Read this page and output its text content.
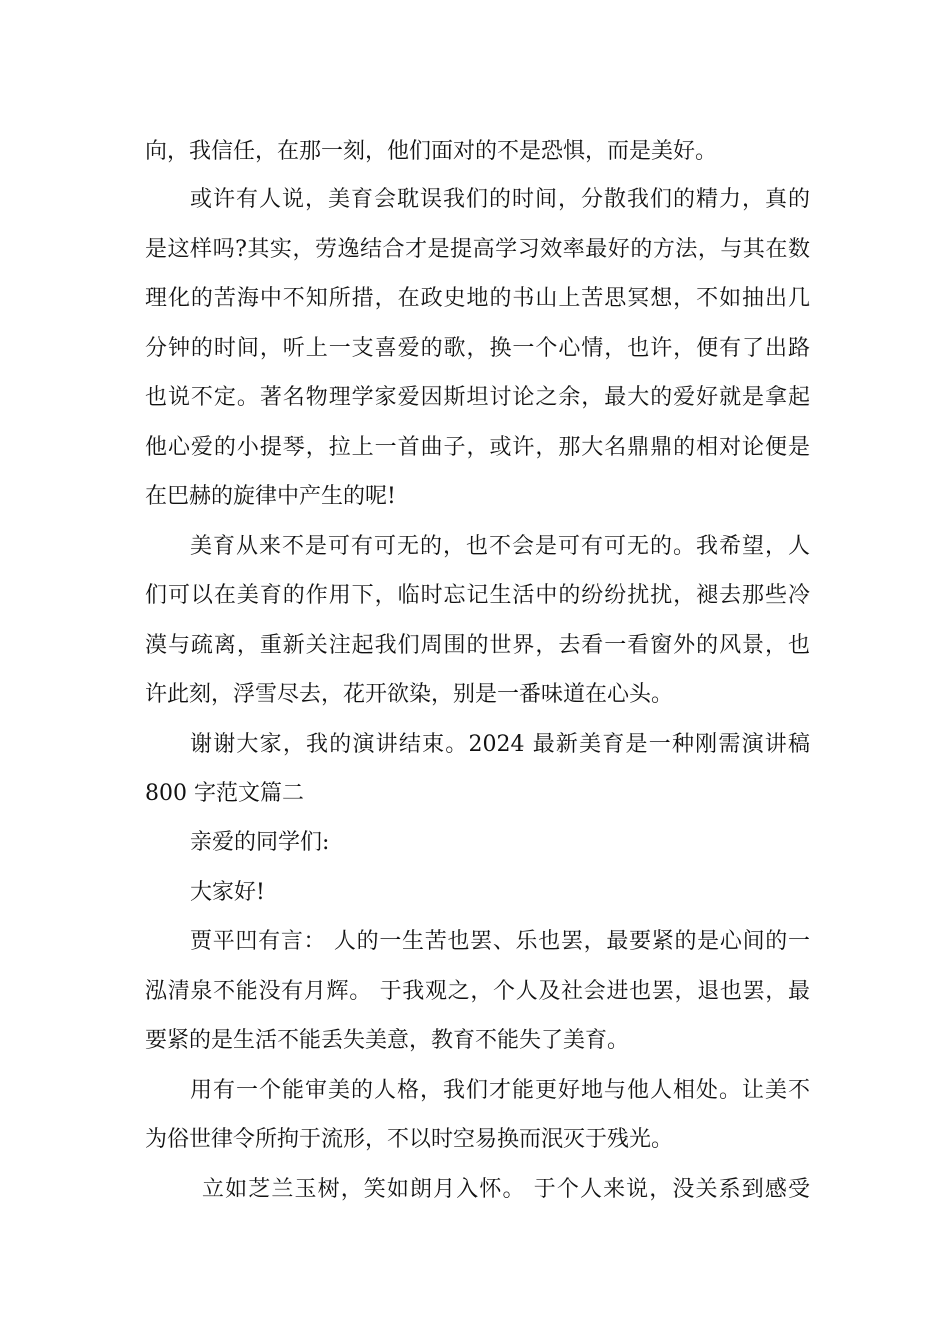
向，我信任，在那一刻，他们面对的不是恐惧，而是美好。
或许有人说，美育会耽误我们的时间，分散我们的精力，真的
是这样吗?其实，劳逸结合才是提高学习效率最好的方法，与其在数
理化的苦海中不知所措，在政史地的书山上苦思冥想，不如抽出几
分钟的时间，听上一支喜爱的歌，换一个心情，也许，便有了出路
也说不定。著名物理学家爱因斯坦讨论之余，最大的爱好就是拿起
他心爱的小提琴，拉上一首曲子，或许，那大名鼎鼎的相对论便是
在巴赫的旋律中产生的呢!
美育从来不是可有可无的，也不会是可有可无的。我希望，人
们可以在美育的作用下，临时忘记生活中的纷纷扰扰，褪去那些冷
漠与疏离，重新关注起我们周围的世界，去看一看窗外的风景，也
许此刻，浮雪尽去，花开欲染，别是一番味道在心头。
谢谢大家，我的演讲结束。2024 最新美育是一种刚需演讲稿
800 字范文篇二
亲爱的同学们:
大家好!
贾平凹有言： 人的一生苦也罢、乐也罢，最要紧的是心间的一
泓清泉不能没有月辉。 于我观之，个人及社会进也罢，退也罢，最
要紧的是生活不能丢失美意，教育不能失了美育。
用有一个能审美的人格，我们才能更好地与他人相处。让美不
为俗世律令所拘于流形，不以时空易换而泯灭于残光。
立如芝兰玉树，笑如朗月入怀。 于个人来说，没关系到感受
